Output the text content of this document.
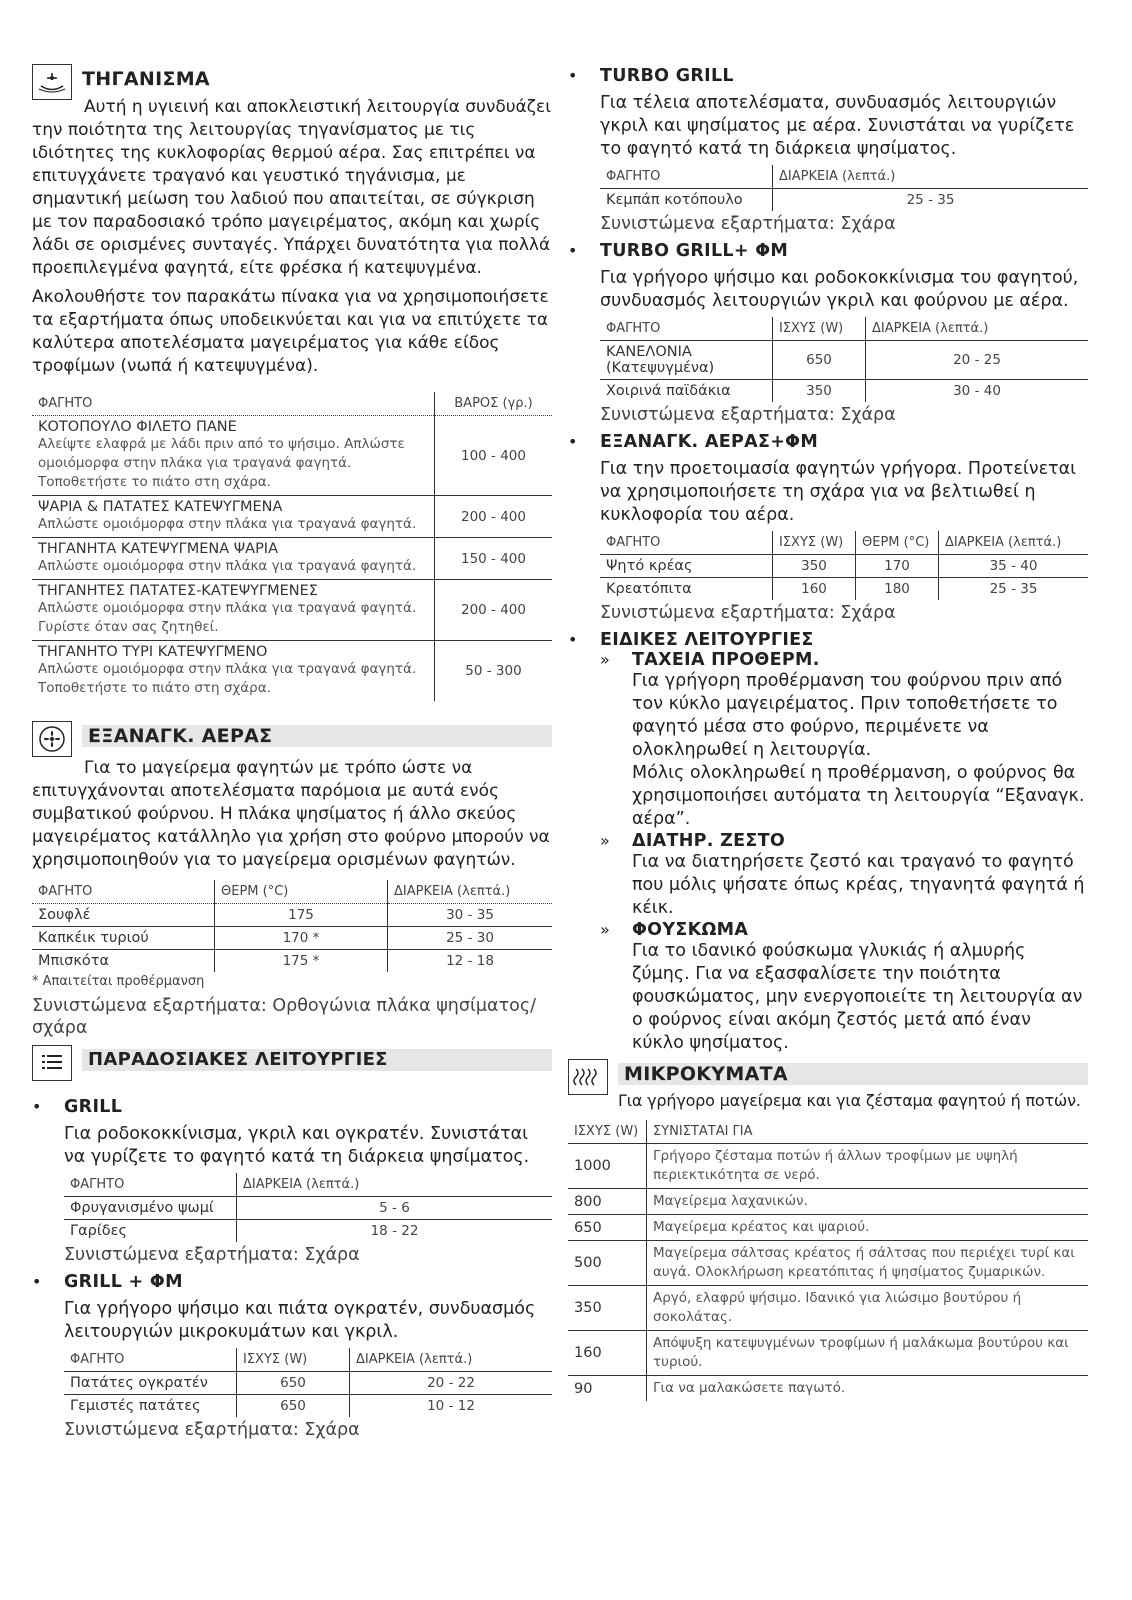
ΤΗΓΑΝΙΣΜΑ

Αυτή η υγιεινή και αποκλειστική λειτουργία συνδυάζει την ποιότητα της λειτουργίας τηγανίσματος με τις ιδιότητες της κυκλοφορίας θερμού αέρα. Σας επιτρέπει να επιτυγχάνετε τραγανό και γευστικό τηγάνισμα, με σημαντική μείωση του λαδιού που απαιτείται, σε σύγκριση με τον παραδοσιακό τρόπο μαγειρέματος, ακόμη και χωρίς λάδι σε ορισμένες συνταγές. Υπάρχει δυνατότητα για πολλά προεπιλεγμένα φαγητά, είτε φρέσκα ή κατεψυγμένα.

Ακολουθήστε τον παρακάτω πίνακα για να χρησιμοποιήσετε τα εξαρτήματα όπως υποδεικνύεται και για να επιτύχετε τα καλύτερα αποτελέσματα μαγειρέματος για κάθε είδος τροφίμων (νωπά ή κατεψυγμένα).

ΦΑΓΗΤΟ	ΒΑΡΟΣ (γρ.)

ΚΟΤΟΠΟΥΛΟ ΦΙΛΕΤΟ ΠΑΝΕ
Αλείψτε ελαφρά με λάδι πριν από το ψήσιμο. Απλώστε ομοιόμορφα στην πλάκα για τραγανά φαγητά. Τοποθετήστε το πιάτο στη σχάρα.	100 - 400

ΨΑΡΙΑ & ΠΑΤΑΤΕΣ ΚΑΤΕΨΥΓΜΕΝΑ
Απλώστε ομοιόμορφα στην πλάκα για τραγανά φαγητά.	200 - 400

ΤΗΓΑΝΗΤΑ ΚΑΤΕΨΥΓΜΕΝΑ ΨΑΡΙΑ
Απλώστε ομοιόμορφα στην πλάκα για τραγανά φαγητά.	150 - 400

ΤΗΓΑΝΗΤΕΣ ΠΑΤΑΤΕΣ-ΚΑΤΕΨΥΓΜΕΝΕΣ
Απλώστε ομοιόμορφα στην πλάκα για τραγανά φαγητά. Γυρίστε όταν σας ζητηθεί.	200 - 400

ΤΗΓΑΝΗΤΟ ΤΥΡΙ ΚΑΤΕΨΥΓΜΕΝΟ
Απλώστε ομοιόμορφα στην πλάκα για τραγανά φαγητά. Τοποθετήστε το πιάτο στη σχάρα.	50 - 300
ΕΞΑΝΑΓΚ. ΑΕΡΑΣ

Για το μαγείρεμα φαγητών με τρόπο ώστε να επιτυγχάνονται αποτελέσματα παρόμοια με αυτά ενός συμβατικού φούρνου. Η πλάκα ψησίματος ή άλλο σκεύος μαγειρέματος κατάλληλο για χρήση στο φούρνο μπορούν να χρησιμοποιηθούν για το μαγείρεμα ορισμένων φαγητών.

ΦΑΓΗΤΟ	ΘΕΡΜ (°C)	ΔΙΑΡΚΕΙΑ (λεπτά.)
Σουφλέ	175	30 - 35
Καπκέικ τυριού	170 *	25 - 30
Μπισκότα	175 *	12 - 18
* Απαιτείται προθέρμανση
Συνιστώμενα εξαρτήματα: Ορθογώνια πλάκα ψησίματος/σχάρα
ΠΑΡΑΔΟΣΙΑΚΕΣ ΛΕΙΤΟΥΡΓΙΕΣ
• GRILL

Για ροδοκοκκίνισμα, γκριλ και ογκρατέν. Συνιστάται να γυρίζετε το φαγητό κατά τη διάρκεια ψησίματος.

ΦΑΓΗΤΟ	ΔΙΑΡΚΕΙΑ (λεπτά.)
Φρυγανισμένο ψωμί	5 - 6
Γαρίδες	18 - 22
Συνιστώμενα εξαρτήματα: Σχάρα
• GRILL + ΦΜ

Για γρήγορο ψήσιμο και πιάτα ογκρατέν, συνδυασμός λειτουργιών μικροκυμάτων και γκριλ.

ΦΑΓΗΤΟ	ΙΣΧΥΣ (W)	ΔΙΑΡΚΕΙΑ (λεπτά.)
Πατάτες ογκρατέν	650	20 - 22
Γεμιστές πατάτες	650	10 - 12
Συνιστώμενα εξαρτήματα: Σχάρα
• TURBO GRILL

Για τέλεια αποτελέσματα, συνδυασμός λειτουργιών γκριλ και ψησίματος με αέρα. Συνιστάται να γυρίζετε το φαγητό κατά τη διάρκεια ψησίματος.

ΦΑΓΗΤΟ	ΔΙΑΡΚΕΙΑ (λεπτά.)
Κεμπάπ κοτόπουλο	25 - 35
Συνιστώμενα εξαρτήματα: Σχάρα
• TURBO GRILL+ ΦΜ

Για γρήγορο ψήσιμο και ροδοκοκκίνισμα του φαγητού, συνδυασμός λειτουργιών γκριλ και φούρνου με αέρα.

ΦΑΓΗΤΟ	ΙΣΧΥΣ (W)	ΔΙΑΡΚΕΙΑ (λεπτά.)
ΚΑΝΕΛΟΝΙΑ
(Κατεψυγμένα)	650	20 - 25
Χοιρινά παϊδάκια	350	30 - 40
Συνιστώμενα εξαρτήματα: Σχάρα
• ΕΞΑΝΑΓΚ. ΑΕΡΑΣ+ΦΜ

Για την προετοιμασία φαγητών γρήγορα. Προτείνεται να χρησιμοποιήσετε τη σχάρα για να βελτιωθεί η κυκλοφορία του αέρα.

ΦΑΓΗΤΟ	ΙΣΧΥΣ (W)	ΘΕΡΜ (°C)	ΔΙΑΡΚΕΙΑ (λεπτά.)
Ψητό κρέας	350	170	35 - 40
Κρεατόπιτα	160	180	25 - 35
Συνιστώμενα εξαρτήματα: Σχάρα
• ΕΙΔΙΚΕΣ ΛΕΙΤΟΥΡΓΙΕΣ
» ΤΑΧΕΙΑ ΠΡΟΘΕΡΜ.
Για γρήγορη προθέρμανση του φούρνου πριν από τον κύκλο μαγειρέματος. Πριν τοποθετήσετε το φαγητό μέσα στο φούρνο, περιμένετε να ολοκληρωθεί η λειτουργία.
Μόλις ολοκληρωθεί η προθέρμανση, ο φούρνος θα χρησιμοποιήσει αυτόματα τη λειτουργία “Εξαναγκ. αέρα”.
» ΔΙΑΤΗΡ. ΖΕΣΤΟ
Για να διατηρήσετε ζεστό και τραγανό το φαγητό που μόλις ψήσατε όπως κρέας, τηγανητά φαγητά ή κέικ.
» ΦΟΥΣΚΩΜΑ
Για το ιδανικό φούσκωμα γλυκιάς ή αλμυρής ζύμης. Για να εξασφαλίσετε την ποιότητα φουσκώματος, μην ενεργοποιείτε τη λειτουργία αν ο φούρνος είναι ακόμη ζεστός μετά από έναν κύκλο ψησίματος.
ΜΙΚΡΟΚΥΜΑΤΑ

Για γρήγορο μαγείρεμα και για ζέσταμα φαγητού ή ποτών.

ΙΣΧΥΣ (W)	ΣΥΝΙΣΤΑΤΑΙ ΓΙΑ
1000	Γρήγορο ζέσταμα ποτών ή άλλων τροφίμων με υψηλή περιεκτικότητα σε νερό.
800	Μαγείρεμα λαχανικών.
650	Μαγείρεμα κρέατος και ψαριού.
500	Μαγείρεμα σάλτσας κρέατος ή σάλτσας που περιέχει τυρί και αυγά. Ολοκλήρωση κρεατόπιτας ή ψησίματος ζυμαρικών.
350	Αργό, ελαφρύ ψήσιμο. Ιδανικό για λιώσιμο βουτύρου ή σοκολάτας.
160	Απόψυξη κατεψυγμένων τροφίμων ή μαλάκωμα βουτύρου και τυριού.
90	Για να μαλακώσετε παγωτό.
